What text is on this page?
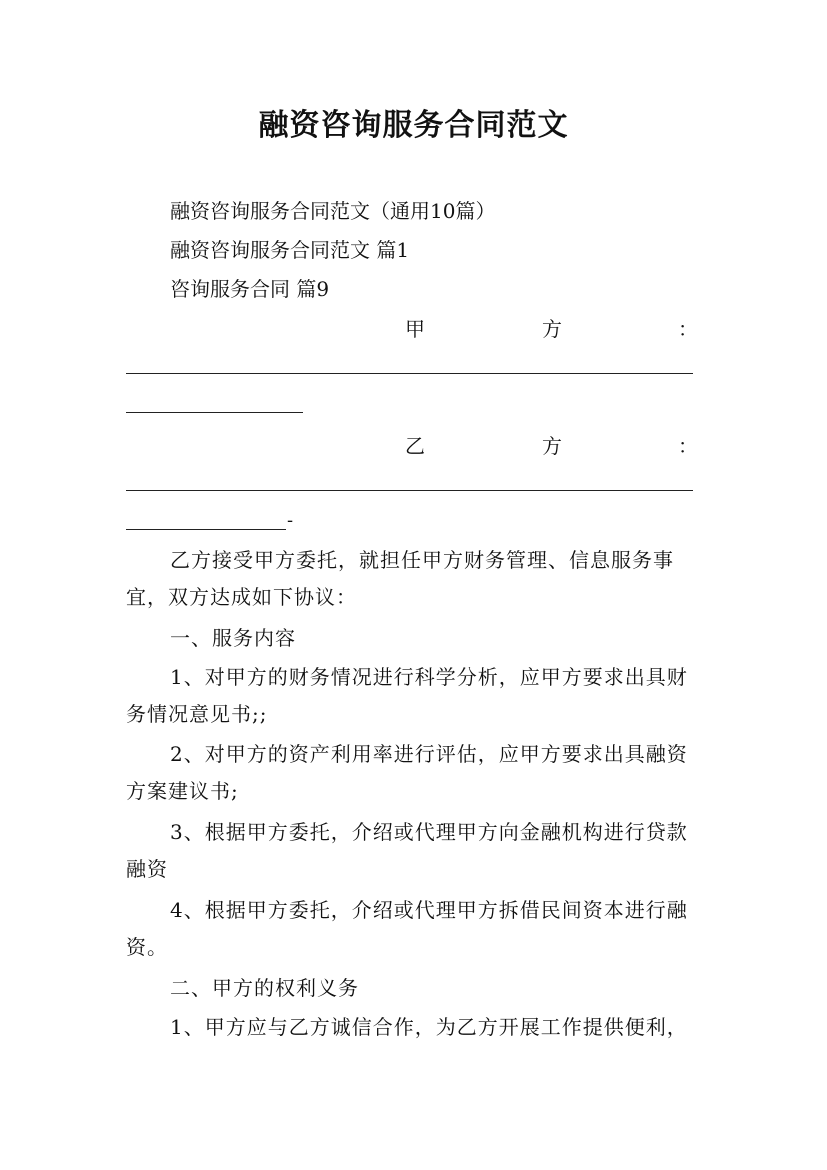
融资咨询服务合同范文
融资咨询服务合同范文（通用10篇）
融资咨询服务合同范文 篇1
咨询服务合同 篇9
甲	方	：
乙	方	：
-
乙方接受甲方委托，就担任甲方财务管理、信息服务事宜，双方达成如下协议：
一、服务内容
1、对甲方的财务情况进行科学分析，应甲方要求出具财务情况意见书;;
2、对甲方的资产利用率进行评估，应甲方要求出具融资方案建议书;
3、根据甲方委托，介绍或代理甲方向金融机构进行贷款融资
4、根据甲方委托，介绍或代理甲方拆借民间资本进行融资。
二、甲方的权利义务
1、甲方应与乙方诚信合作，为乙方开展工作提供便利，
